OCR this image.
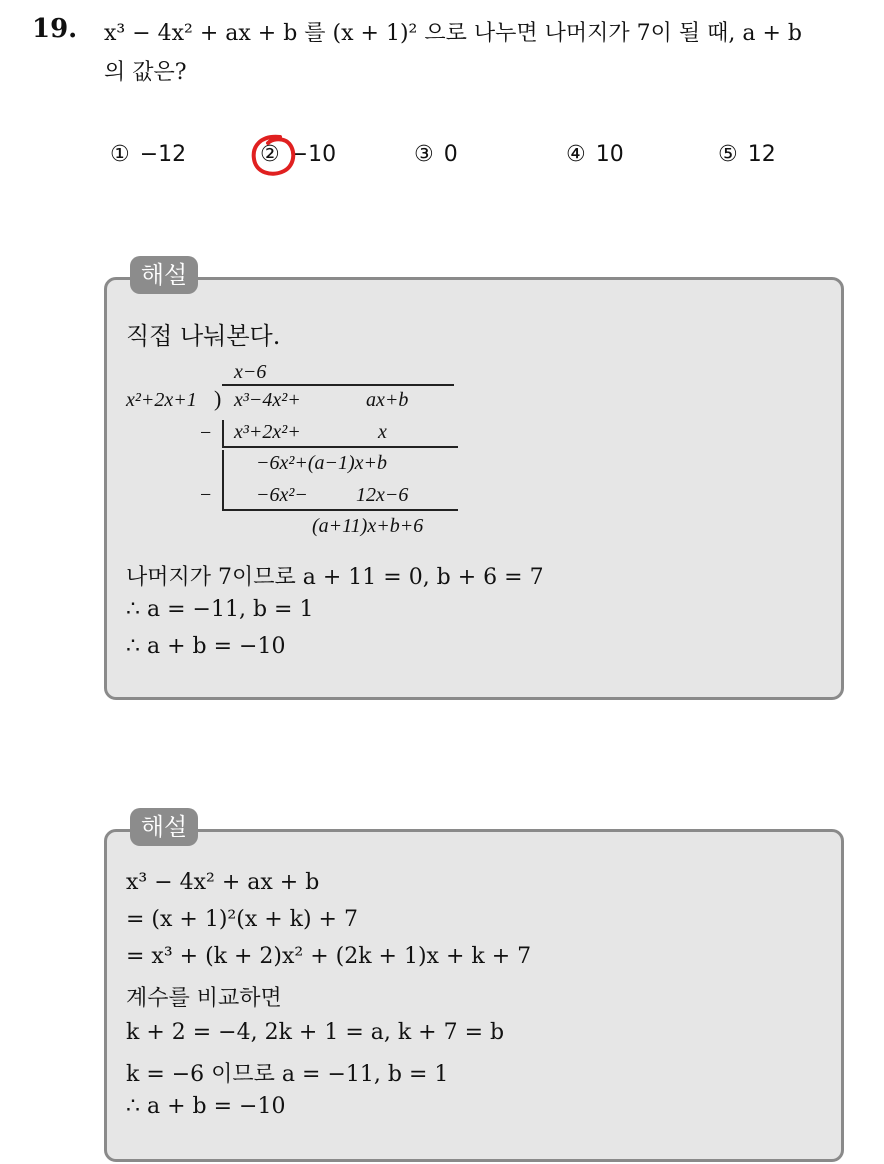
19. x³ − 4x² + ax + b 를 (x + 1)² 으로 나누면 나머지가 7이 될 때, a + b
의 값은?
① −12	② −10	③ 0	④ 10	⑤ 12
해설
직접 나눠본다.
x−6
x²+2x+1 ) x³−4x²+	ax+b
− x³+2x²+	x
−6x²+(a−1)x+b
− −6x²− 12x−6
(a+11)x+b+6
나머지가 7이므로 a + 11 = 0, b + 6 = 7
∴ a = −11, b = 1
∴ a + b = −10
해설
x³ − 4x² + ax + b
= (x + 1)²(x + k) + 7
= x³ + (k + 2)x² + (2k + 1)x + k + 7
계수를 비교하면
k + 2 = −4, 2k + 1 = a, k + 7 = b
k = −6 이므로 a = −11, b = 1
∴ a + b = −10
